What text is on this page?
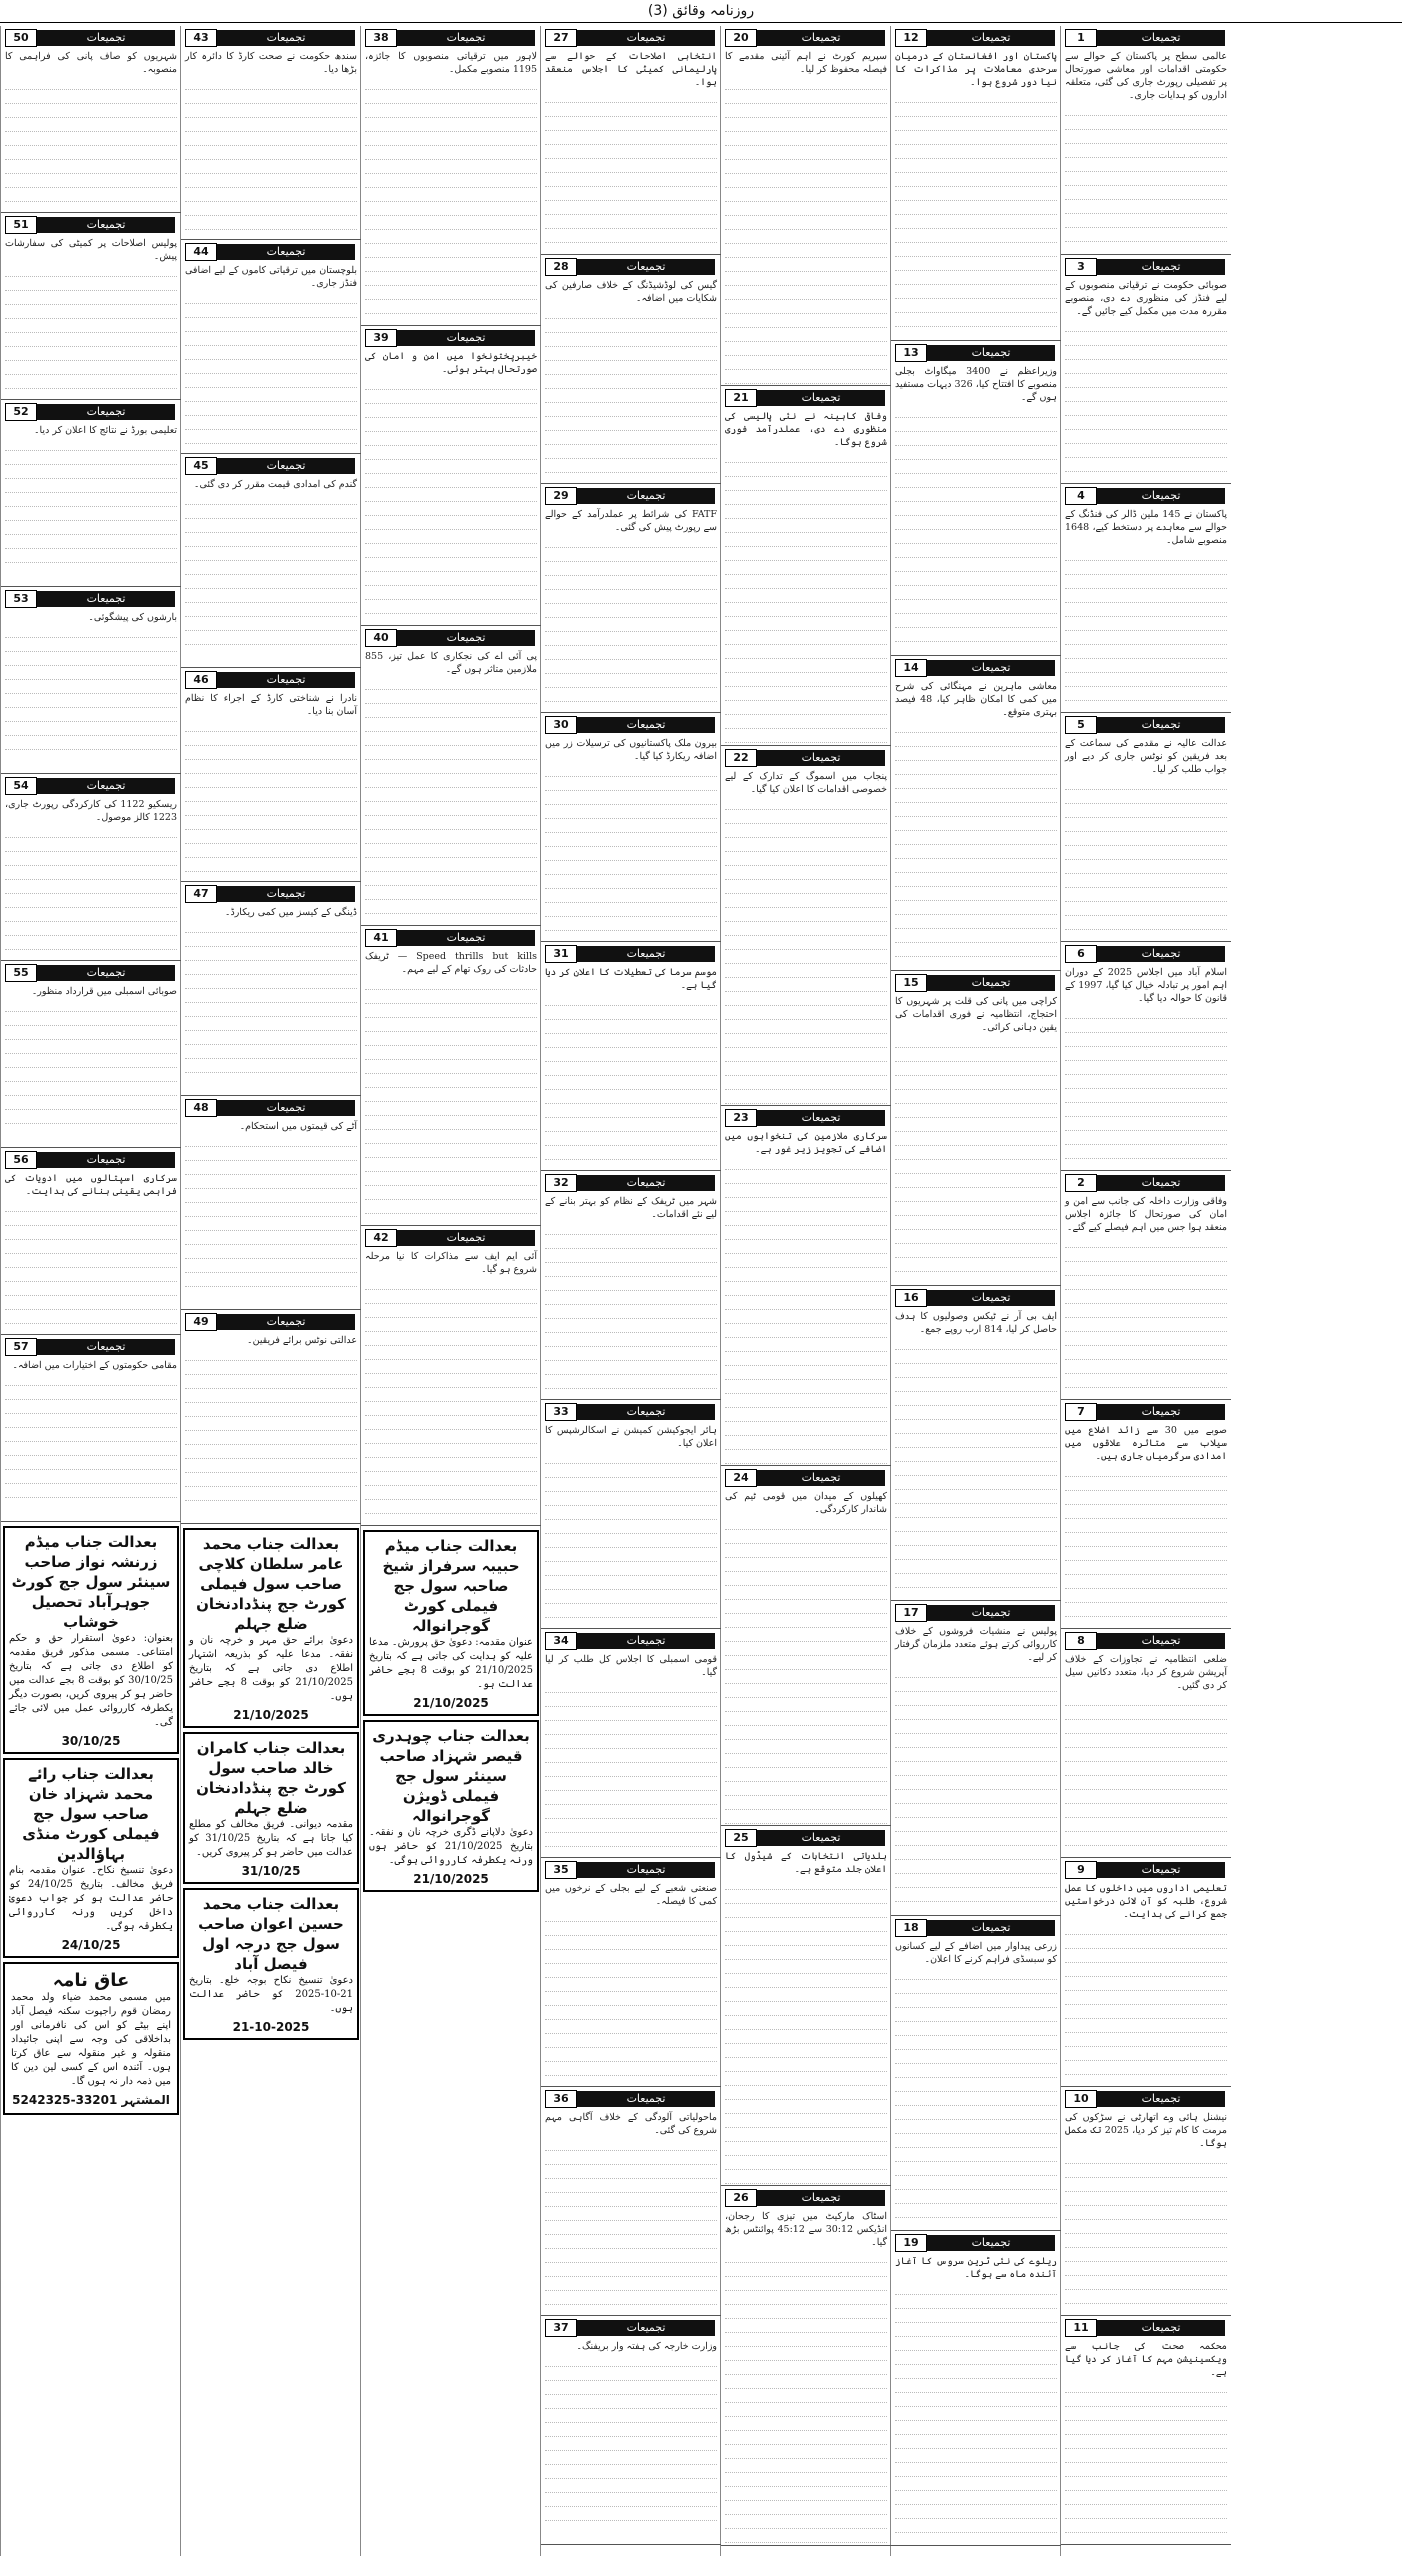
روزنامہ وقائق (3)
1	تجمیعات
عالمی سطح پر پاکستان کے حوالے سے حکومتی اقدامات اور معاشی صورتحال پر تفصیلی رپورٹ جاری کی گئی، متعلقہ اداروں کو ہدایات جاری۔
3	تجمیعات
صوبائی حکومت نے ترقیاتی منصوبوں کے لیے فنڈز کی منظوری دے دی، منصوبے مقررہ مدت میں مکمل کیے جائیں گے۔
4	تجمیعات
پاکستان نے 145 ملین ڈالر کی فنڈنگ کے حوالے سے معاہدے پر دستخط کیے، 1648 منصوبے شامل۔
5	تجمیعات
عدالت عالیہ نے مقدمے کی سماعت کے بعد فریقین کو نوٹس جاری کر دیے اور جواب طلب کر لیا۔
6	تجمیعات
اسلام آباد میں اجلاس 2025 کے دوران اہم امور پر تبادلہ خیال کیا گیا، 1997 کے قانون کا حوالہ دیا گیا۔
2	تجمیعات
وفاقی وزارت داخلہ کی جانب سے امن و امان کی صورتحال کا جائزہ اجلاس منعقد ہوا جس میں اہم فیصلے کیے گئے۔
7	تجمیعات
صوبے میں 30 سے زائد اضلاع میں سیلاب سے متاثرہ علاقوں میں امدادی سرگرمیاں جاری ہیں۔
8	تجمیعات
ضلعی انتظامیہ نے تجاوزات کے خلاف آپریشن شروع کر دیا، متعدد دکانیں سیل کر دی گئیں۔
9	تجمیعات
تعلیمی اداروں میں داخلوں کا عمل شروع، طلبہ کو آن لائن درخواستیں جمع کرانے کی ہدایت۔
10	تجمیعات
نیشنل ہائی وے اتھارٹی نے سڑکوں کی مرمت کا کام تیز کر دیا، 2025 تک مکمل ہوگا۔
11	تجمیعات
محکمہ صحت کی جانب سے ویکسینیشن مہم کا آغاز کر دیا گیا ہے۔
12	تجمیعات
پاکستان اور افغانستان کے درمیان سرحدی معاملات پر مذاکرات کا نیا دور شروع ہوا۔
13	تجمیعات
وزیراعظم نے 3400 میگاواٹ بجلی منصوبے کا افتتاح کیا، 326 دیہات مستفید ہوں گے۔
14	تجمیعات
معاشی ماہرین نے مہنگائی کی شرح میں کمی کا امکان ظاہر کیا، 48 فیصد بہتری متوقع۔
15	تجمیعات
کراچی میں پانی کی قلت پر شہریوں کا احتجاج، انتظامیہ نے فوری اقدامات کی یقین دہانی کرائی۔
16	تجمیعات
ایف بی آر نے ٹیکس وصولیوں کا ہدف حاصل کر لیا، 814 ارب روپے جمع۔
17	تجمیعات
پولیس نے منشیات فروشوں کے خلاف کارروائی کرتے ہوئے متعدد ملزمان گرفتار کر لیے۔
18	تجمیعات
زرعی پیداوار میں اضافے کے لیے کسانوں کو سبسڈی فراہم کرنے کا اعلان۔
19	تجمیعات
ریلوے کی نئی ٹرین سروس کا آغاز آئندہ ماہ سے ہوگا۔
20	تجمیعات
سپریم کورٹ نے اہم آئینی مقدمے کا فیصلہ محفوظ کر لیا۔
21	تجمیعات
وفاقی کابینہ نے نئی پالیسی کی منظوری دے دی، عملدرآمد فوری شروع ہوگا۔
22	تجمیعات
پنجاب میں اسموگ کے تدارک کے لیے خصوصی اقدامات کا اعلان کیا گیا۔
23	تجمیعات
سرکاری ملازمین کی تنخواہوں میں اضافے کی تجویز زیر غور ہے۔
24	تجمیعات
کھیلوں کے میدان میں قومی ٹیم کی شاندار کارکردگی۔
25	تجمیعات
بلدیاتی انتخابات کے شیڈول کا اعلان جلد متوقع ہے۔
26	تجمیعات
اسٹاک مارکیٹ میں تیزی کا رجحان، انڈیکس 30:12 سے 45:12 پوائنٹس بڑھ گیا۔
27	تجمیعات
انتخابی اصلاحات کے حوالے سے پارلیمانی کمیٹی کا اجلاس منعقد ہوا۔
28	تجمیعات
گیس کی لوڈشیڈنگ کے خلاف صارفین کی شکایات میں اضافہ۔
29	تجمیعات
FATF کی شرائط پر عملدرآمد کے حوالے سے رپورٹ پیش کی گئی۔
30	تجمیعات
بیرون ملک پاکستانیوں کی ترسیلات زر میں اضافہ ریکارڈ کیا گیا۔
31	تجمیعات
موسم سرما کی تعطیلات کا اعلان کر دیا گیا ہے۔
32	تجمیعات
شہر میں ٹریفک کے نظام کو بہتر بنانے کے لیے نئے اقدامات۔
33	تجمیعات
ہائر ایجوکیشن کمیشن نے اسکالرشپس کا اعلان کیا۔
34	تجمیعات
قومی اسمبلی کا اجلاس کل طلب کر لیا گیا۔
35	تجمیعات
صنعتی شعبے کے لیے بجلی کے نرخوں میں کمی کا فیصلہ۔
36	تجمیعات
ماحولیاتی آلودگی کے خلاف آگاہی مہم شروع کی گئی۔
37	تجمیعات
وزارت خارجہ کی ہفتہ وار بریفنگ۔
38	تجمیعات
لاہور میں ترقیاتی منصوبوں کا جائزہ، 1195 منصوبے مکمل۔
39	تجمیعات
خیبرپختونخوا میں امن و امان کی صورتحال بہتر ہوئی۔
40	تجمیعات
پی آئی اے کی نجکاری کا عمل تیز، 855 ملازمین متاثر ہوں گے۔
41	تجمیعات
Speed thrills but kills — ٹریفک حادثات کی روک تھام کے لیے مہم۔
42	تجمیعات
آئی ایم ایف سے مذاکرات کا نیا مرحلہ شروع ہو گیا۔
بعدالت جناب میڈم حبیبہ سرفراز شیخ صاحبہ سول جج فیملی کورٹ گوجرانوالہ
عنوان مقدمہ: دعویٰ حق پرورش۔ مدعا علیہ کو ہدایت کی جاتی ہے کہ بتاریخ 21/10/2025 کو بوقت 8 بجے حاضر عدالت ہو۔
21/10/2025
بعدالت جناب چوہدری قیصر شہزاد صاحب سینئر سول جج فیملی ڈویژن گوجرانوالہ
دعویٰ دلاپانے ڈگری خرچہ نان و نفقہ۔ بتاریخ 21/10/2025 کو حاضر ہوں ورنہ یکطرفہ کارروائی ہوگی۔
21/10/2025
43	تجمیعات
سندھ حکومت نے صحت کارڈ کا دائرہ کار بڑھا دیا۔
44	تجمیعات
بلوچستان میں ترقیاتی کاموں کے لیے اضافی فنڈز جاری۔
45	تجمیعات
گندم کی امدادی قیمت مقرر کر دی گئی۔
46	تجمیعات
نادرا نے شناختی کارڈ کے اجراء کا نظام آسان بنا دیا۔
47	تجمیعات
ڈینگی کے کیسز میں کمی ریکارڈ۔
48	تجمیعات
آٹے کی قیمتوں میں استحکام۔
49	تجمیعات
عدالتی نوٹس برائے فریقین۔
بعدالت جناب محمد عامر سلطان کلاچی صاحب سول فیملی کورٹ جج پنڈدادنخان ضلع جہلم
دعویٰ برائے حق مہر و خرچہ نان و نفقہ۔ مدعا علیہ کو بذریعہ اشتہار اطلاع دی جاتی ہے کہ بتاریخ 21/10/2025 کو بوقت 8 بجے حاضر ہوں۔
21/10/2025
بعدالت جناب کامران خالد صاحب سول کورٹ جج پنڈدادنخان ضلع جہلم
مقدمہ دیوانی۔ فریق مخالف کو مطلع کیا جاتا ہے کہ بتاریخ 31/10/25 کو عدالت میں حاضر ہو کر پیروی کریں۔
31/10/25
بعدالت جناب محمد حسین اعوان صاحب سول جج درجہ اول فیصل آباد
دعویٰ تنسیخ نکاح بوجہ خلع۔ بتاریخ 21-10-2025 کو حاضر عدالت ہوں۔
21-10-2025
50	تجمیعات
شہریوں کو صاف پانی کی فراہمی کا منصوبہ۔
51	تجمیعات
پولیس اصلاحات پر کمیٹی کی سفارشات پیش۔
52	تجمیعات
تعلیمی بورڈ نے نتائج کا اعلان کر دیا۔
53	تجمیعات
بارشوں کی پیشگوئی۔
54	تجمیعات
ریسکیو 1122 کی کارکردگی رپورٹ جاری، 1223 کالز موصول۔
55	تجمیعات
صوبائی اسمبلی میں قرارداد منظور۔
56	تجمیعات
سرکاری اسپتالوں میں ادویات کی فراہمی یقینی بنانے کی ہدایت۔
57	تجمیعات
مقامی حکومتوں کے اختیارات میں اضافہ۔
بعدالت جناب میڈم زرنشہ نواز صاحب سینئر سول جج کورٹ جوہرآباد تحصیل خوشاب
بعنوان: دعویٰ استقرار حق و حکم امتناعی۔ مسمی مذکور فریق مقدمہ کو اطلاع دی جاتی ہے کہ بتاریخ 30/10/25 کو بوقت 8 بجے عدالت میں حاضر ہو کر پیروی کریں، بصورت دیگر یکطرفہ کارروائی عمل میں لائی جائے گی۔
30/10/25
بعدالت جناب رائے محمد شہزاد خان صاحب سول جج فیملی کورٹ منڈی بہاؤالدین
دعویٰ تنسیخ نکاح۔ عنوان مقدمہ بنام فریق مخالف۔ بتاریخ 24/10/25 کو حاضر عدالت ہو کر جواب دعویٰ داخل کریں ورنہ کارروائی یکطرفہ ہوگی۔
24/10/25
عاق نامہ
میں مسمی محمد ضیاء ولد محمد رمضان قوم راجپوت سکنہ فیصل آباد اپنے بیٹے کو اس کی نافرمانی اور بداخلاقی کی وجہ سے اپنی جائیداد منقولہ و غیر منقولہ سے عاق کرتا ہوں۔ آئندہ اس کے کسی لین دین کا میں ذمہ دار نہ ہوں گا۔
المشتہر 33201-5242325
